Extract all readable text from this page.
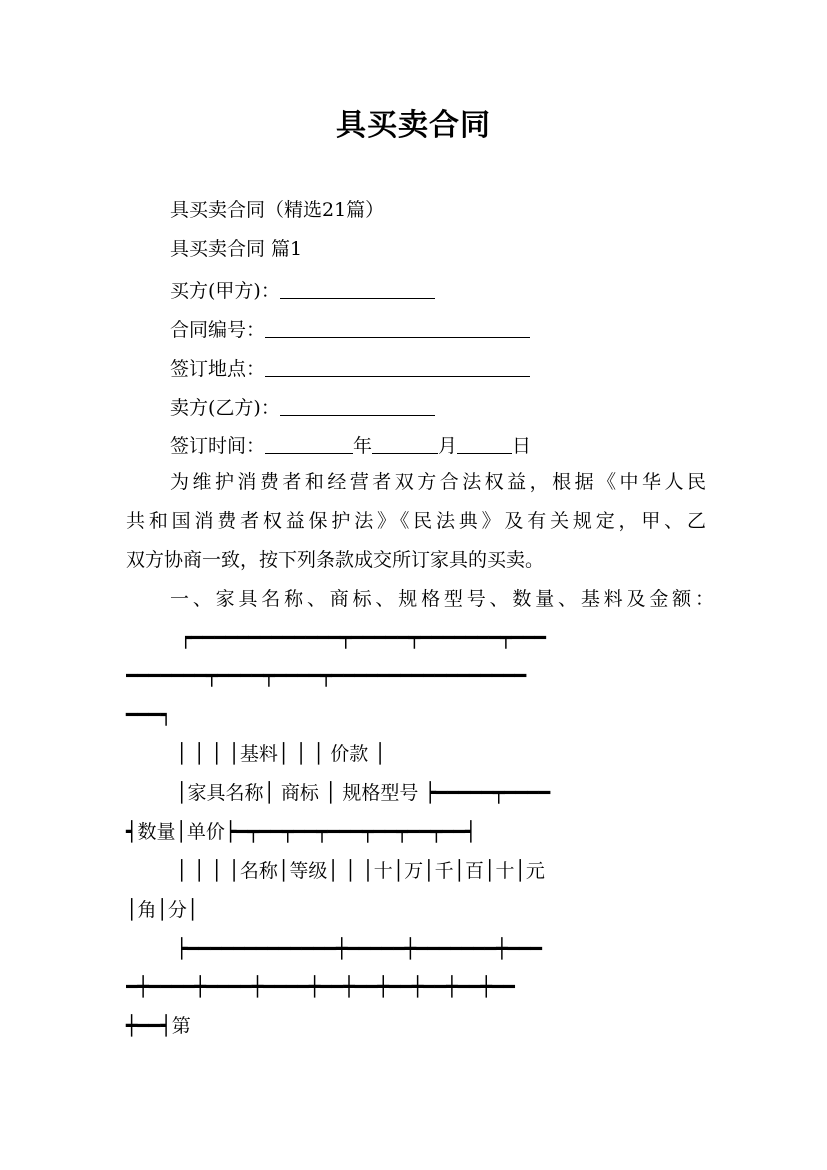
具买卖合同

具买卖合同（精选21篇）

具买卖合同 篇1

买方(甲方)：

合同编号：

签订地点：

卖方(乙方)：

签订时间：	年	月	日

为维护消费者和经营者双方合法权益，根据《中华人民

共和国消费者权益保护法》《民法典》及有关规定，甲、乙

双方协商一致，按下列条款成交所订家具的买卖。

一、家具名称、商标、规格型号、数量、基料及金额：

┍━━━━━━━━━━━━━┯━━━━━┯━━━━━━━┯━━━

━━━━━━━┯━━━━┯━━━━┯━━━━━━━━━━━━━━━━━

━━━┑

│ │ │ │基料│ │ │ 价款 │

│家具名称│ 商标 │ 规格型号 ┝━━━━━┯━━━━

┥数量│单价┝━┯━━┯━━┯━━━┯━━┯━━┯━━┥

│ │ │ │名称│等级│ │ │十│万│千│百│十│元

│角│分│

┝━━━━━━━━━━━━━┿━━━━━┿━━━━━━━┿━━━

━┿━━━━┿━━━━┿━━━━┿━━┿━━┿━━┿━━┿━━┿━━

┿━━┥第
